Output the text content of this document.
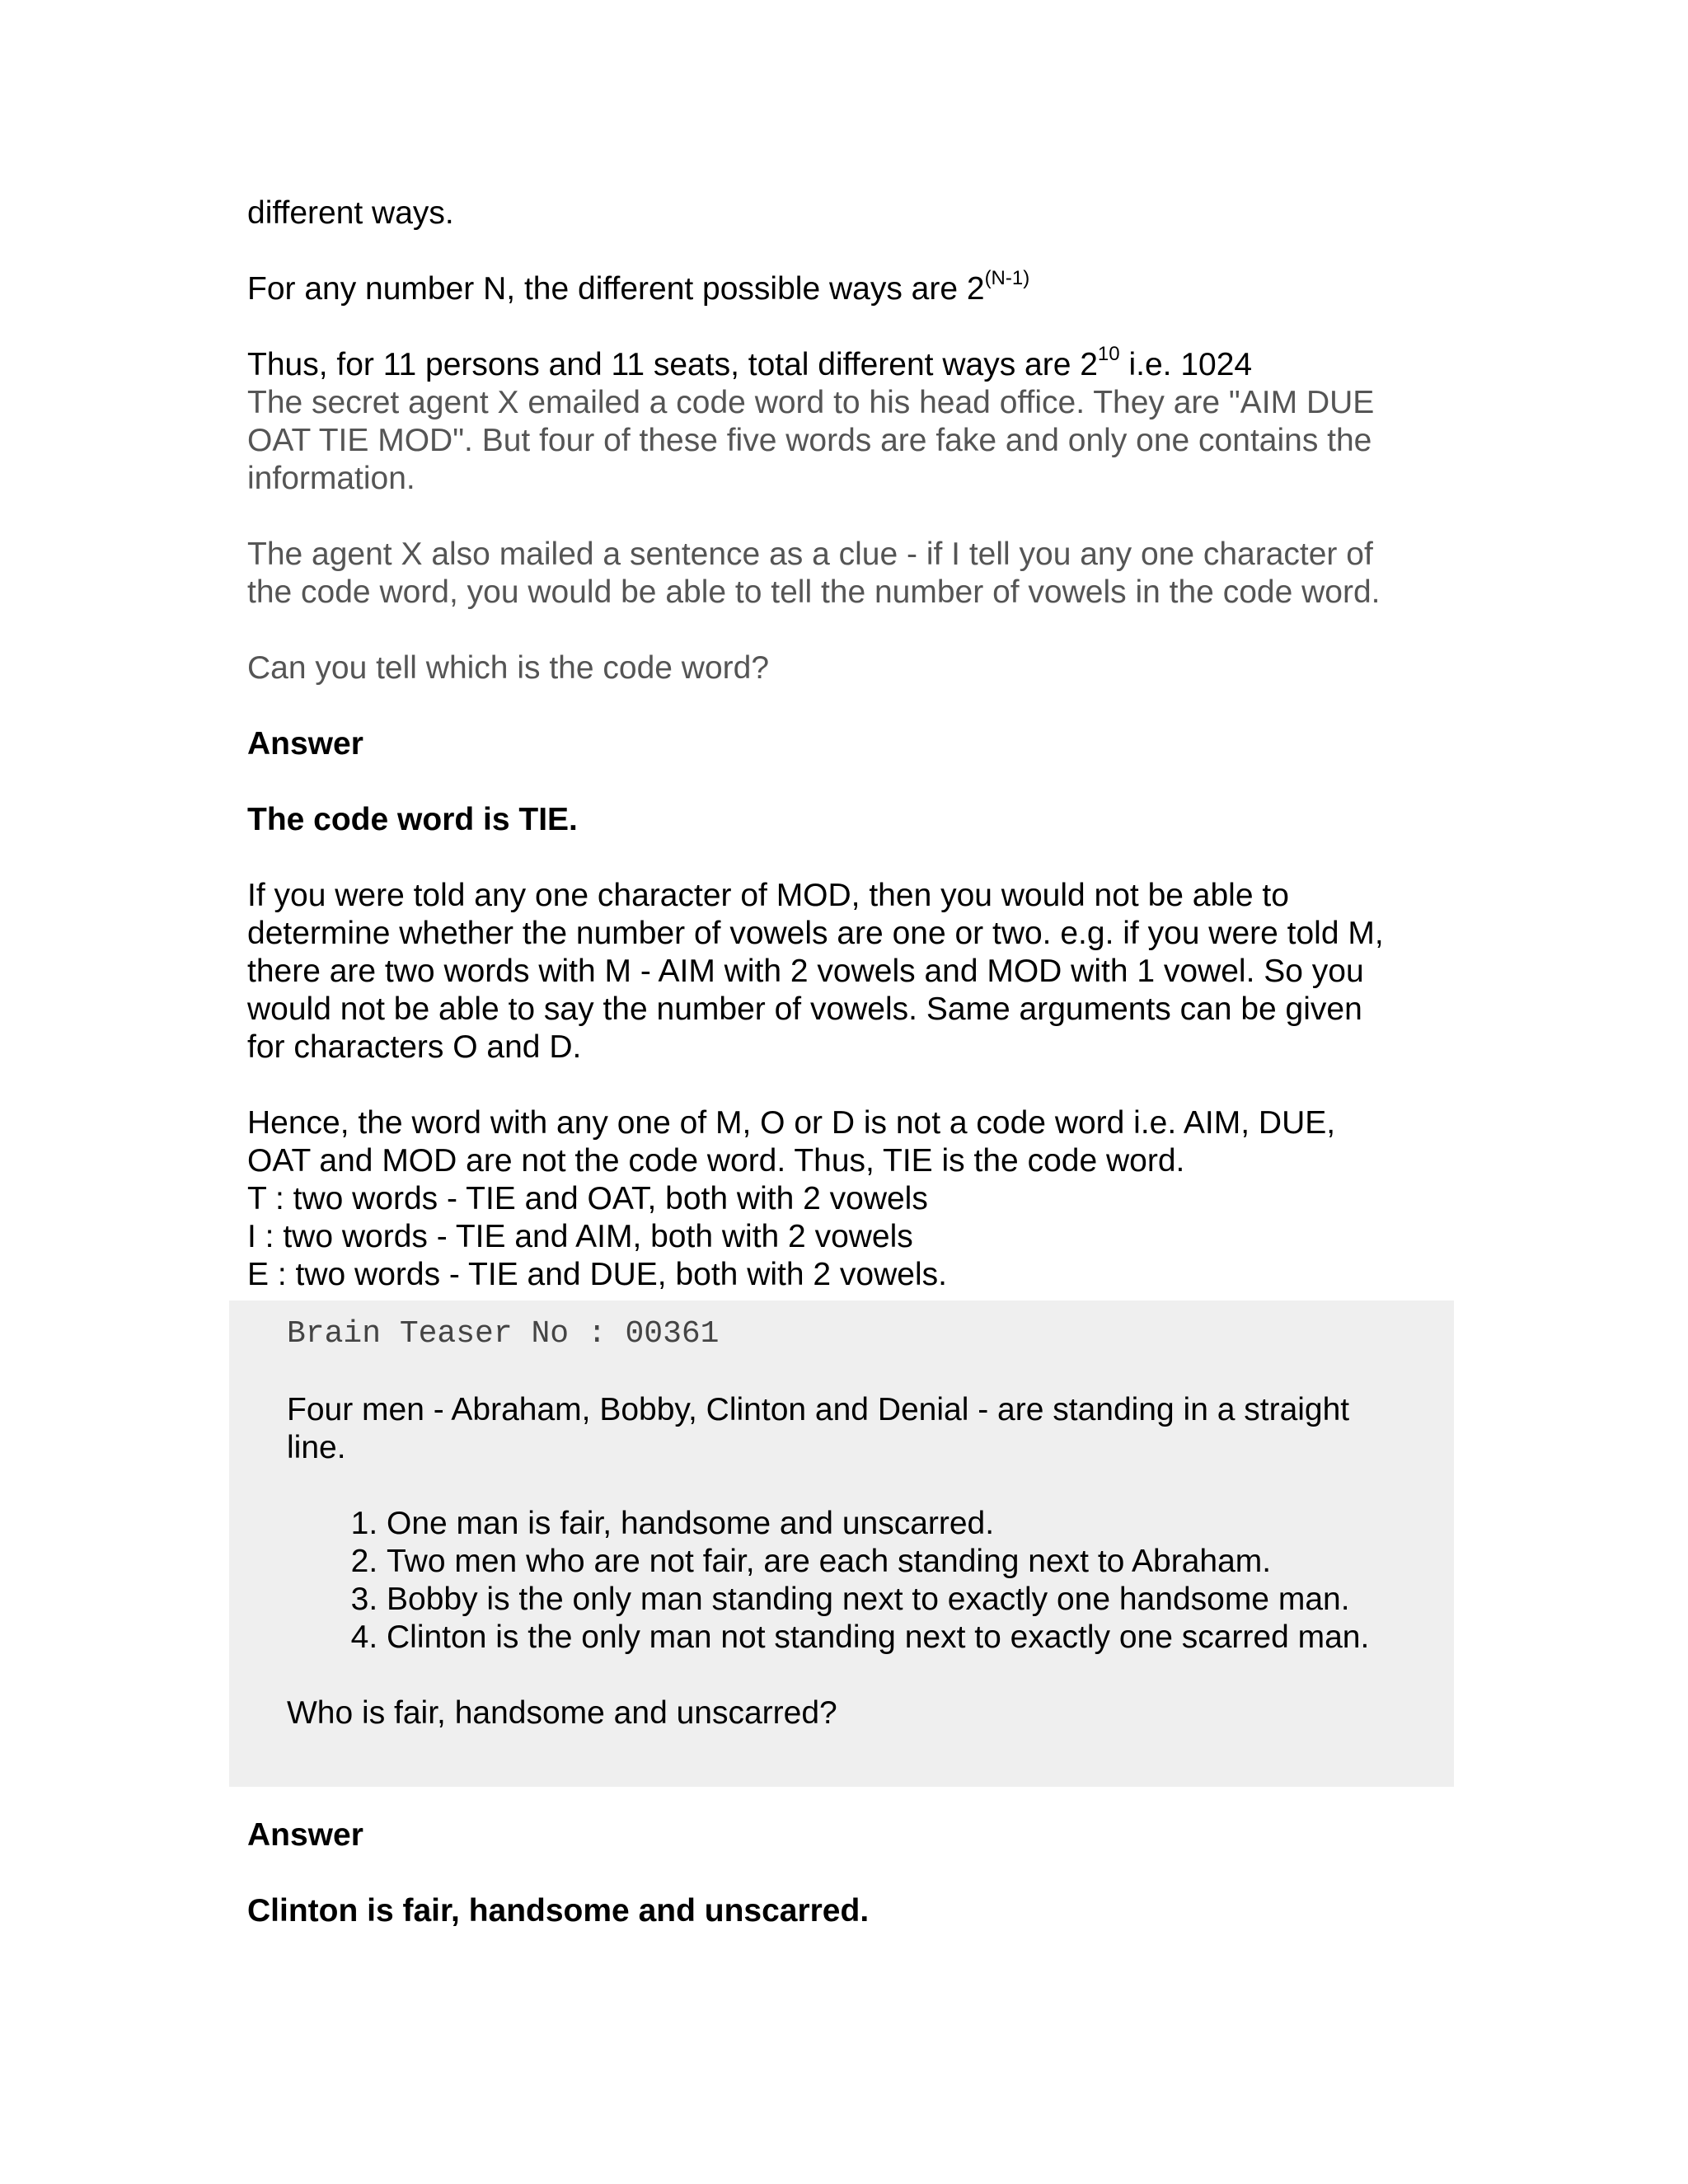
different ways.

For any number N, the different possible ways are $2^{(N-1)}$

Thus, for 11 persons and 11 seats, total different ways are $2^{10}$ i.e. 1024

The secret agent X emailed a code word to his head office. They are "AIM DUE
OAT TIE MOD". But four of these five words are fake and only one contains the
information.

The agent X also mailed a sentence as a clue - if I tell you any one character of
the code word, you would be able to tell the number of vowels in the code word.

Can you tell which is the code word?

Answer

The code word is TIE.

If you were told any one character of MOD, then you would not be able to
determine whether the number of vowels are one or two. e.g. if you were told M,
there are two words with M - AIM with 2 vowels and MOD with 1 vowel. So you
would not be able to say the number of vowels. Same arguments can be given
for characters O and D.

Hence, the word with any one of M, O or D is not a code word i.e. AIM, DUE,
OAT and MOD are not the code word. Thus, TIE is the code word.
T : two words - TIE and OAT, both with 2 vowels
I : two words - TIE and AIM, both with 2 vowels
E : two words - TIE and DUE, both with 2 vowels.

Brain Teaser No : 00361

Four men - Abraham, Bobby, Clinton and Denial - are standing in a straight
line.

1. One man is fair, handsome and unscarred.
2. Two men who are not fair, are each standing next to Abraham.
3. Bobby is the only man standing next to exactly one handsome man.
4. Clinton is the only man not standing next to exactly one scarred man.

Who is fair, handsome and unscarred?

Answer

Clinton is fair, handsome and unscarred.
